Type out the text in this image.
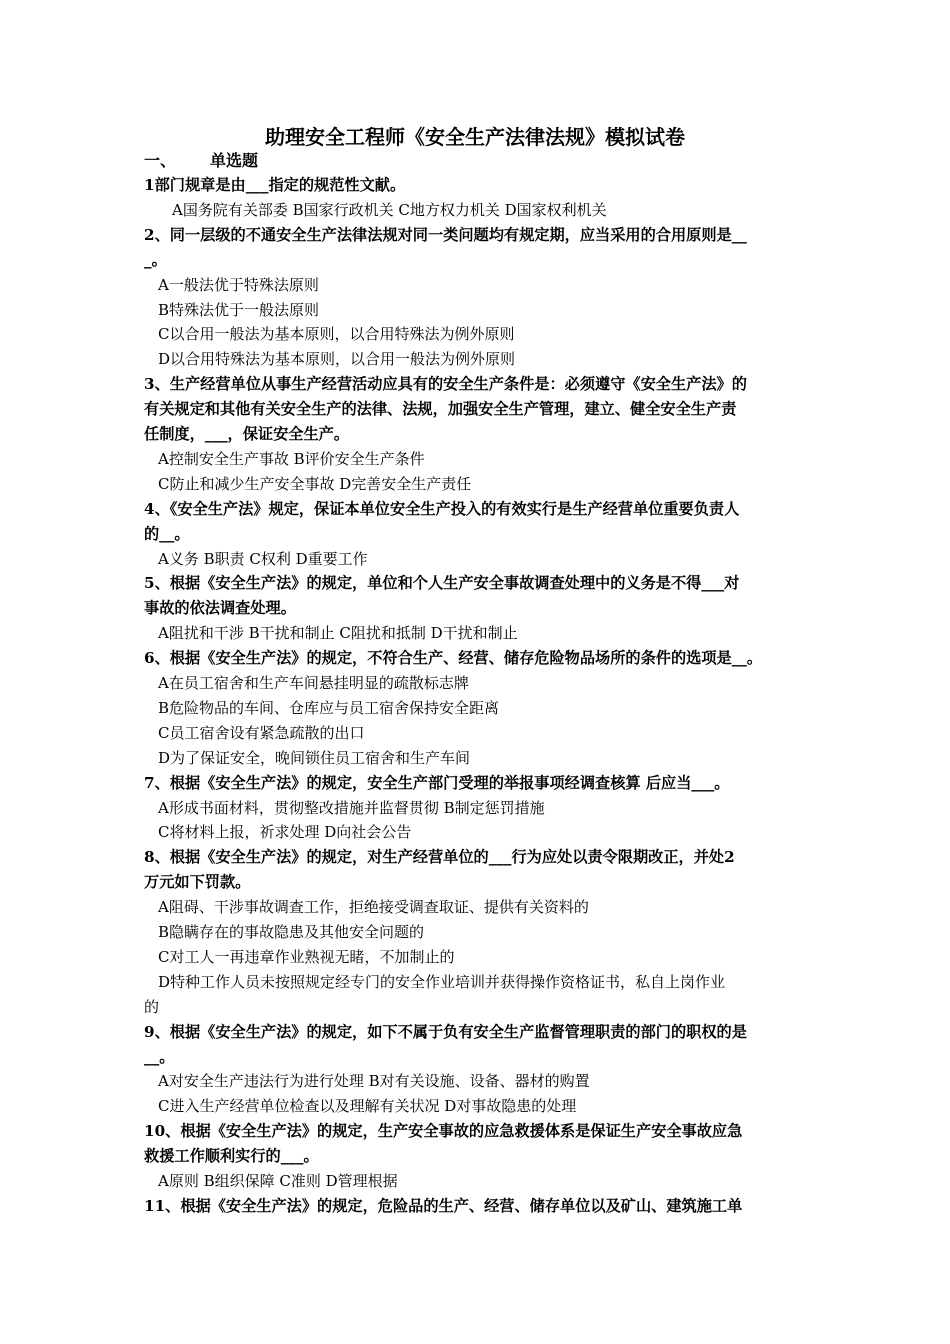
助理安全工程师《安全生产法律法规》模拟试卷
一、 单选题
1部门规章是由___指定的规范性文献。
A国务院有关部委 B国家行政机关 C地方权力机关 D国家权利机关
2、同一层级的不通安全生产法律法规对同一类问题均有规定期，应当采用的合用原则是__
_。
A一般法优于特殊法原则
B特殊法优于一般法原则
C以合用一般法为基本原则，以合用特殊法为例外原则
D以合用特殊法为基本原则，以合用一般法为例外原则
3、生产经营单位从事生产经营活动应具有的安全生产条件是：必须遵守《安全生产法》的
有关规定和其他有关安全生产的法律、法规，加强安全生产管理，建立、健全安全生产责
任制度，___，保证安全生产。
A控制安全生产事故 B评价安全生产条件
C防止和减少生产安全事故 D完善安全生产责任
4、《安全生产法》规定，保证本单位安全生产投入的有效实行是生产经营单位重要负责人
的__。
A义务 B职责 C权利 D重要工作
5、根据《安全生产法》的规定，单位和个人生产安全事故调查处理中的义务是不得___对
事故的依法调查处理。
A阻扰和干涉 B干扰和制止 C阻扰和抵制 D干扰和制止
6、根据《安全生产法》的规定，不符合生产、经营、储存危险物品场所的条件的选项是__。
A在员工宿舍和生产车间悬挂明显的疏散标志牌
B危险物品的车间、仓库应与员工宿舍保持安全距离
C员工宿舍设有紧急疏散的出口
D为了保证安全，晚间锁住员工宿舍和生产车间
7、根据《安全生产法》的规定，安全生产部门受理的举报事项经调查核算 后应当___。
A形成书面材料，贯彻整改措施并监督贯彻 B制定惩罚措施
C将材料上报，祈求处理 D向社会公告
8、根据《安全生产法》的规定，对生产经营单位的___行为应处以责令限期改正，并处2
万元如下罚款。
A阻碍、干涉事故调查工作，拒绝接受调查取证、提供有关资料的
B隐瞒存在的事故隐患及其他安全问题的
C对工人一再违章作业熟视无睹，不加制止的
D特种工作人员未按照规定经专门的安全作业培训并获得操作资格证书，私自上岗作业
的
9、根据《安全生产法》的规定，如下不属于负有安全生产监督管理职责的部门的职权的是
__。
A对安全生产违法行为进行处理 B对有关设施、设备、器材的购置
C进入生产经营单位检查以及理解有关状况 D对事故隐患的处理
10、根据《安全生产法》的规定，生产安全事故的应急救援体系是保证生产安全事故应急
救援工作顺利实行的___。
A原则 B组织保障 C准则 D管理根据
11、根据《安全生产法》的规定，危险品的生产、经营、储存单位以及矿山、建筑施工单
